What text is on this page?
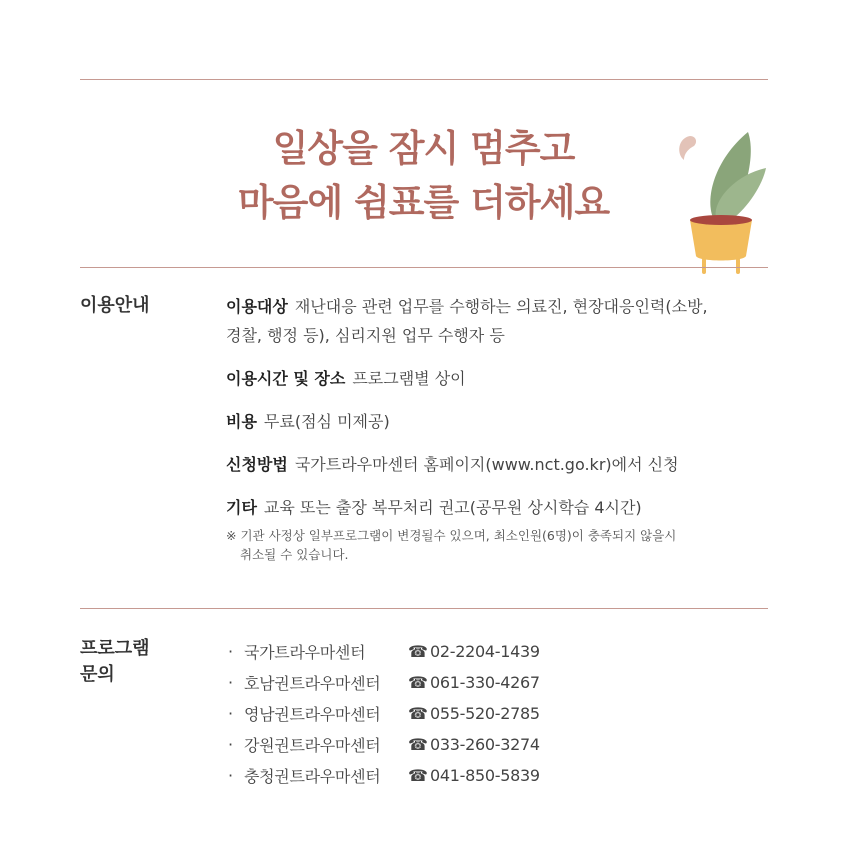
일상을 잠시 멈추고
마음에 쉼표를 더하세요
이용안내	이용대상 재난대응 관련 업무를 수행하는 의료진, 현장대응인력(소방,
경찰, 행정 등), 심리지원 업무 수행자 등
이용시간 및 장소 프로그램별 상이
비용 무료(점심 미제공)
신청방법 국가트라우마센터 홈페이지(www.nct.go.kr)에서 신청
기타 교육 또는 출장 복무처리 권고(공무원 상시학습 4시간)
※ 기관 사정상 일부프로그램이 변경될수 있으며, 최소인원(6명)이 충족되지 않을시
취소될 수 있습니다.
프로그램
문의
· 국가트라우마센터	☎ 02-2204-1439
· 호남권트라우마센터	☎ 061-330-4267
· 영남권트라우마센터	☎ 055-520-2785
· 강원권트라우마센터	☎ 033-260-3274
· 충청권트라우마센터	☎ 041-850-5839
